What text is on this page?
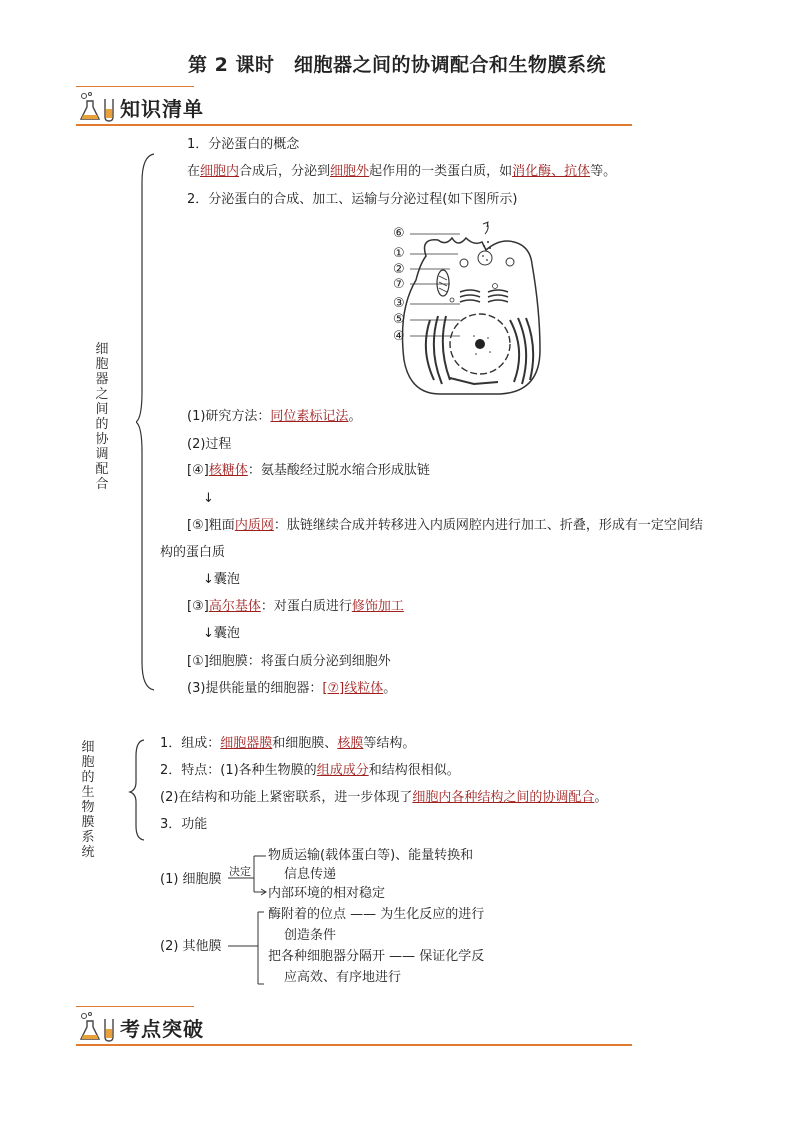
第 2 课时　细胞器之间的协调配合和生物膜系统
知识清单
细胞器之间的协调配合
1．分泌蛋白的概念
在细胞内合成后，分泌到细胞外起作用的一类蛋白质，如消化酶、抗体等。
2．分泌蛋白的合成、加工、运输与分泌过程(如下图所示)
⑥
①
②
⑦
③
⑤
④
(1)研究方法：同位素标记法。
(2)过程
[④]核糖体：氨基酸经过脱水缩合形成肽链
↓
[⑤]粗面内质网：肽链继续合成并转移进入内质网腔内进行加工、折叠，形成有一定空间结
构的蛋白质
↓囊泡
[③]高尔基体：对蛋白质进行修饰加工
↓囊泡
[①]细胞膜：将蛋白质分泌到细胞外
(3)提供能量的细胞器：[⑦]线粒体。
细胞的生物膜系统
1．组成：细胞器膜和细胞膜、核膜等结构。
2．特点：(1)各种生物膜的组成成分和结构很相似。
(2)在结构和功能上紧密联系，进一步体现了细胞内各种结构之间的协调配合。
3．功能
(1) 细胞膜
决定
物质运输(载体蛋白等)、能量转换和
信息传递
内部环境的相对稳定
(2) 其他膜
酶附着的位点 —— 为生化反应的进行
创造条件
把各种细胞器分隔开 —— 保证化学反
应高效、有序地进行
考点突破
